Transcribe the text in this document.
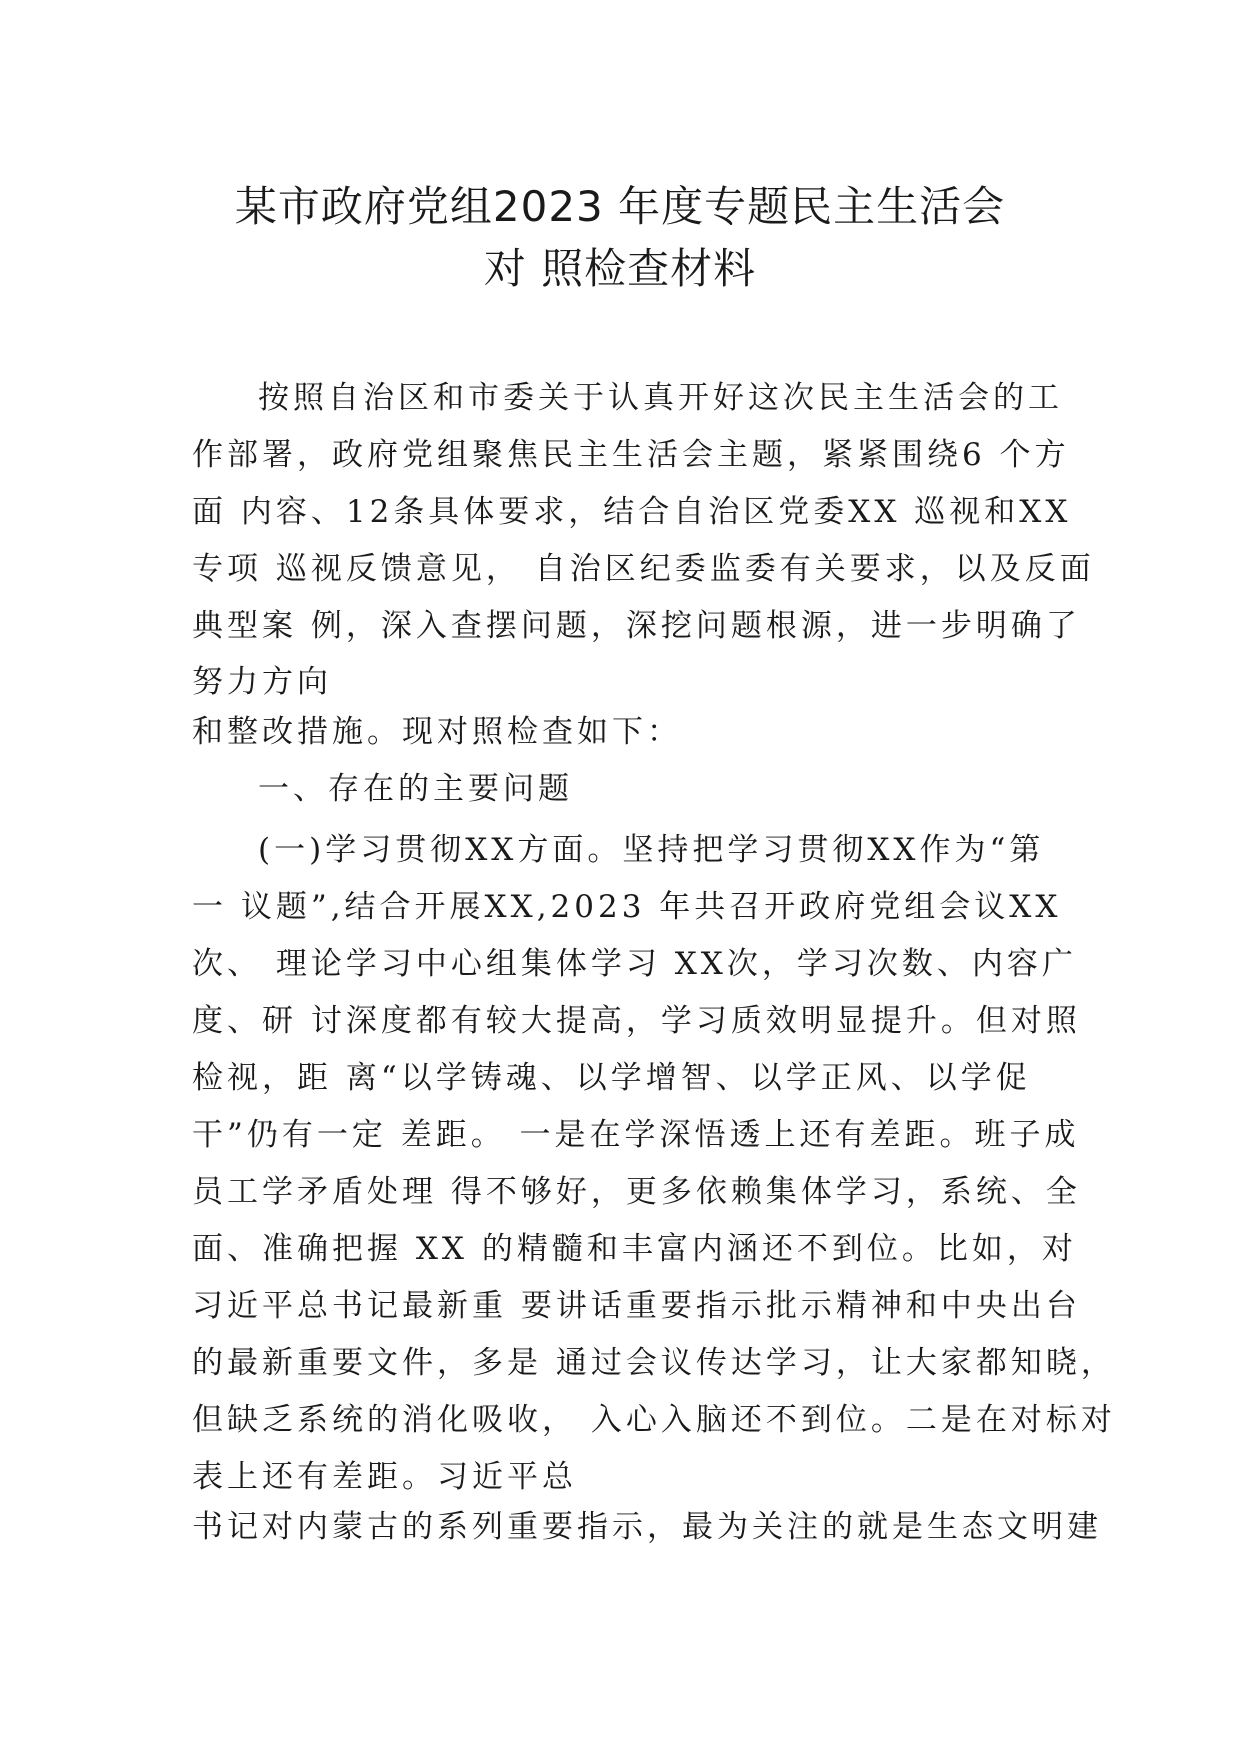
某市政府党组2023 年度专题民主生活会
对 照检查材料
按照自治区和市委关于认真开好这次民主生活会的工
作部署，政府党组聚焦民主生活会主题，紧紧围绕6 个方
面 内容、12条具体要求，结合自治区党委XX 巡视和XX
专项 巡视反馈意见， 自治区纪委监委有关要求，以及反面
典型案 例，深入查摆问题，深挖问题根源，进一步明确了
努力方向
和整改措施。现对照检查如下：
一、存在的主要问题
(一)学习贯彻XX方面。坚持把学习贯彻XX作为“第
一 议题”,结合开展XX,2023 年共召开政府党组会议XX
次、 理论学习中心组集体学习 XX次，学习次数、内容广
度、研 讨深度都有较大提高，学习质效明显提升。但对照
检视，距 离“以学铸魂、以学增智、以学正风、以学促
干”仍有一定 差距。 一是在学深悟透上还有差距。班子成
员工学矛盾处理 得不够好，更多依赖集体学习，系统、全
面、准确把握 XX 的精髓和丰富内涵还不到位。比如，对
习近平总书记最新重 要讲话重要指示批示精神和中央出台
的最新重要文件，多是 通过会议传达学习，让大家都知晓，
但缺乏系统的消化吸收， 入心入脑还不到位。二是在对标对
表上还有差距。习近平总
书记对内蒙古的系列重要指示，最为关注的就是生态文明建
